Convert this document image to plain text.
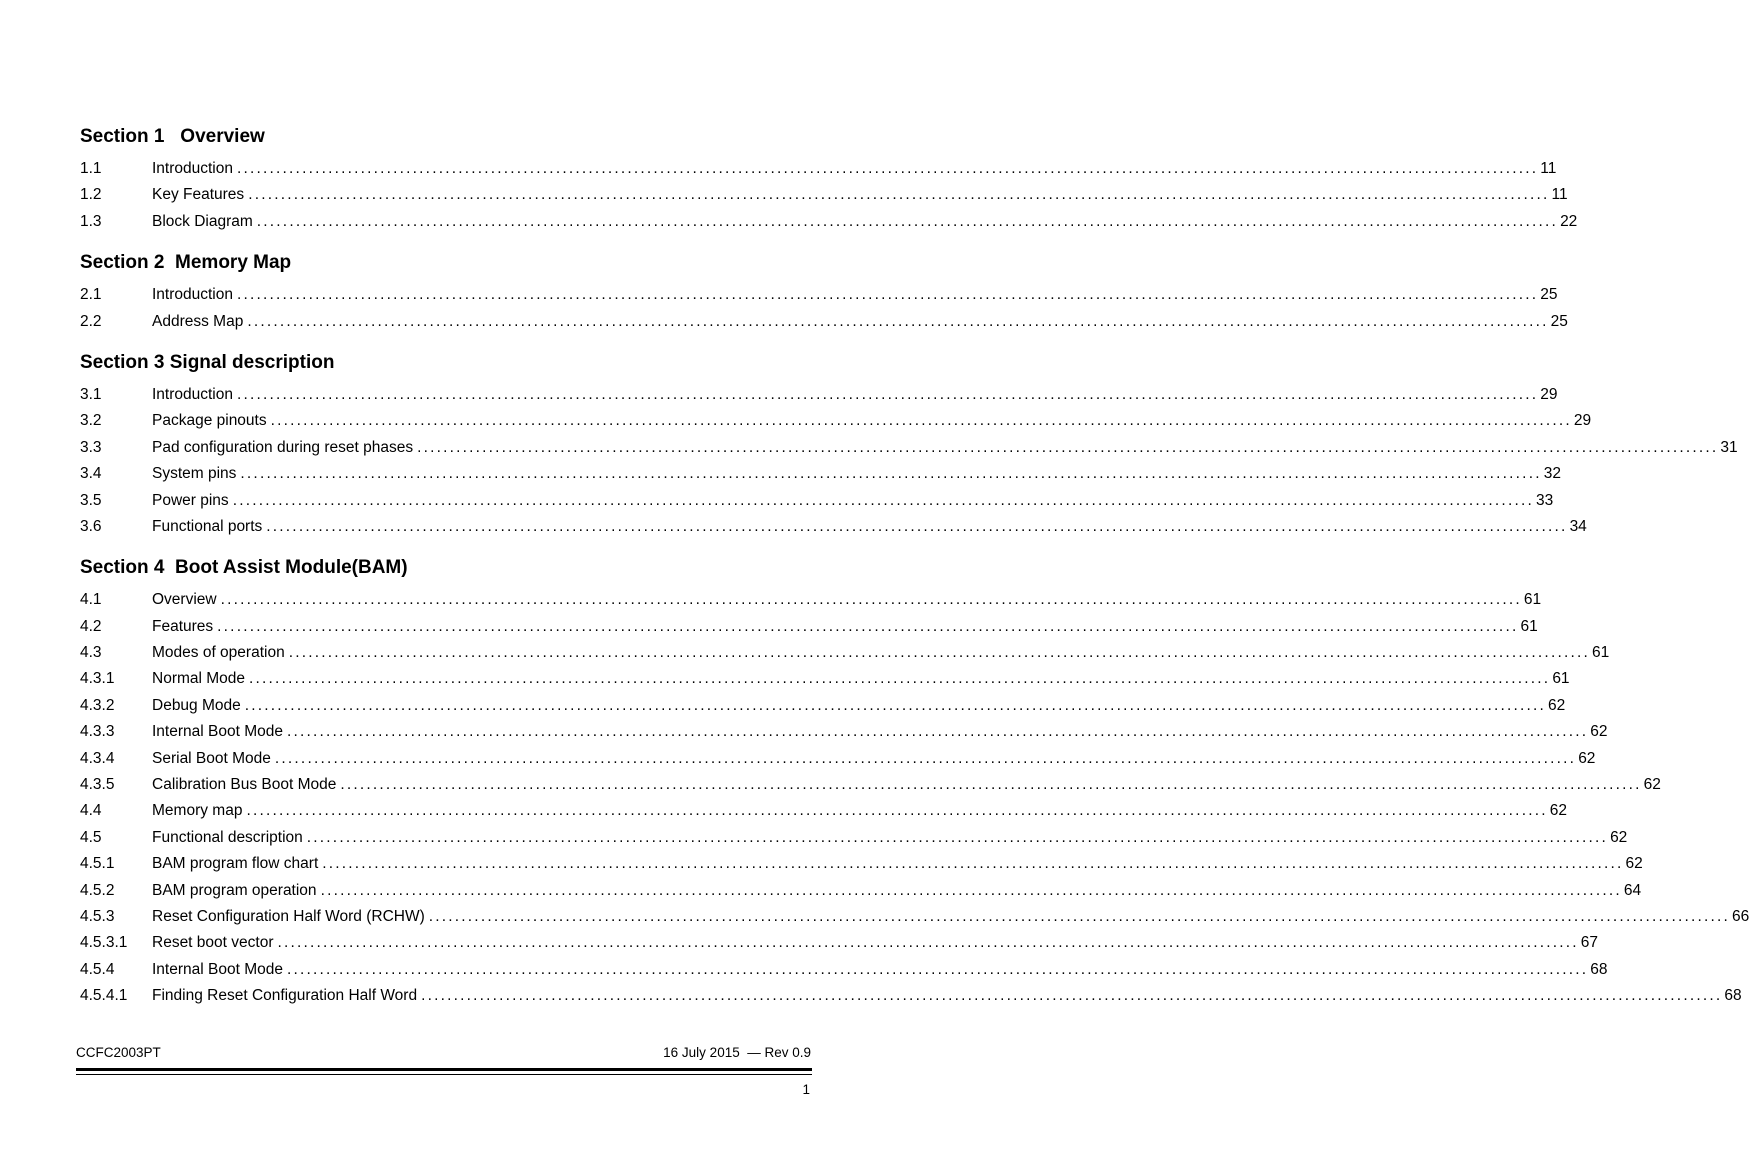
Section 1   Overview
1.1	Introduction ........................................................................................................................................................................................................ 11
1.2	Key Features ........................................................................................................................................................................................................ 11
1.3	Block Diagram ........................................................................................................................................................................................................ 22
Section 2  Memory Map
2.1	Introduction ........................................................................................................................................................................................................ 25
2.2	Address Map ........................................................................................................................................................................................................ 25
Section 3 Signal description
3.1	Introduction ........................................................................................................................................................................................................ 29
3.2	Package pinouts ........................................................................................................................................................................................................ 29
3.3	Pad configuration during reset phases ........................................................................................................................................................................................................ 31
3.4	System pins ........................................................................................................................................................................................................ 32
3.5	Power pins ........................................................................................................................................................................................................ 33
3.6	Functional ports ........................................................................................................................................................................................................ 34
Section 4  Boot Assist Module(BAM)
4.1	Overview ........................................................................................................................................................................................................ 61
4.2	Features ........................................................................................................................................................................................................ 61
4.3	Modes of operation ........................................................................................................................................................................................................ 61
4.3.1	Normal Mode ........................................................................................................................................................................................................ 61
4.3.2	Debug Mode ........................................................................................................................................................................................................ 62
4.3.3	Internal Boot Mode ........................................................................................................................................................................................................ 62
4.3.4	Serial Boot Mode ........................................................................................................................................................................................................ 62
4.3.5	Calibration Bus Boot Mode ........................................................................................................................................................................................................ 62
4.4	Memory map ........................................................................................................................................................................................................ 62
4.5	Functional description ........................................................................................................................................................................................................ 62
4.5.1	BAM program flow chart ........................................................................................................................................................................................................ 62
4.5.2	BAM program operation ........................................................................................................................................................................................................ 64
4.5.3	Reset Configuration Half Word (RCHW) ........................................................................................................................................................................................................ 66
4.5.3.1	Reset boot vector ........................................................................................................................................................................................................ 67
4.5.4	Internal Boot Mode ........................................................................................................................................................................................................ 68
4.5.4.1	Finding Reset Configuration Half Word ........................................................................................................................................................................................................ 68
CCFC2003PT	16 July 2015  — Rev 0.9
1
